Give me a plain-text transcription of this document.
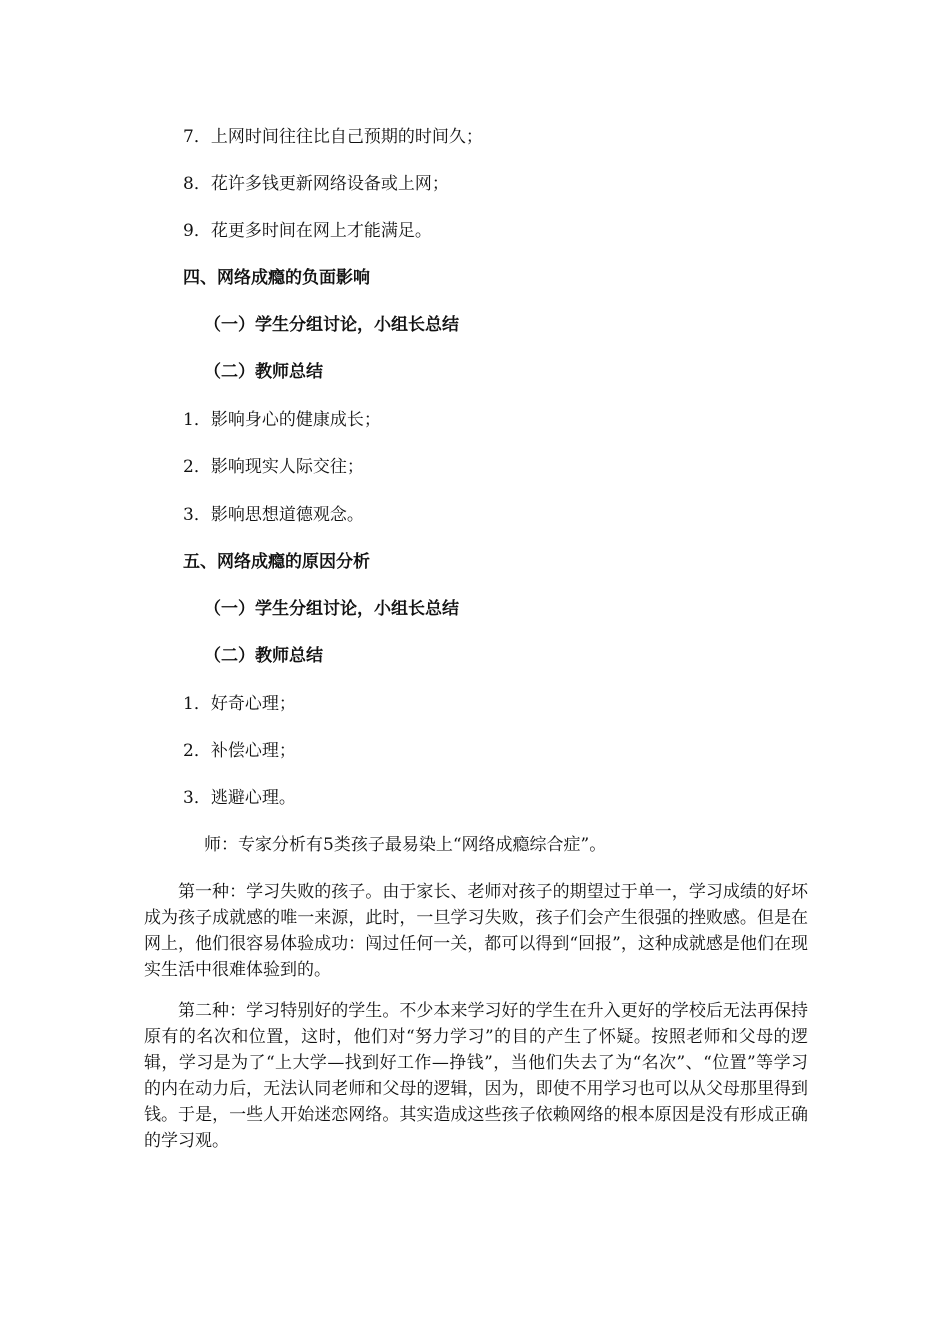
7．上网时间往往比自己预期的时间久；
8．花许多钱更新网络设备或上网；
9．花更多时间在网上才能满足。
四、网络成瘾的负面影响
（一）学生分组讨论，小组长总结
（二）教师总结
1．影响身心的健康成长；
2．影响现实人际交往；
3．影响思想道德观念。
五、网络成瘾的原因分析
（一）学生分组讨论，小组长总结
（二）教师总结
1．好奇心理；
2．补偿心理；
3．逃避心理。
师：专家分析有5类孩子最易染上“网络成瘾综合症”。
第一种：学习失败的孩子。由于家长、老师对孩子的期望过于单一，学习成绩的好坏成为孩子成就感的唯一来源，此时，一旦学习失败，孩子们会产生很强的挫败感。但是在网上，他们很容易体验成功：闯过任何一关，都可以得到“回报”，这种成就感是他们在现实生活中很难体验到的。
第二种：学习特别好的学生。不少本来学习好的学生在升入更好的学校后无法再保持原有的名次和位置，这时，他们对“努力学习”的目的产生了怀疑。按照老师和父母的逻辑，学习是为了“上大学—找到好工作—挣钱”，当他们失去了为“名次”、“位置”等学习的内在动力后，无法认同老师和父母的逻辑，因为，即使不用学习也可以从父母那里得到钱。于是，一些人开始迷恋网络。其实造成这些孩子依赖网络的根本原因是没有形成正确的学习观。
